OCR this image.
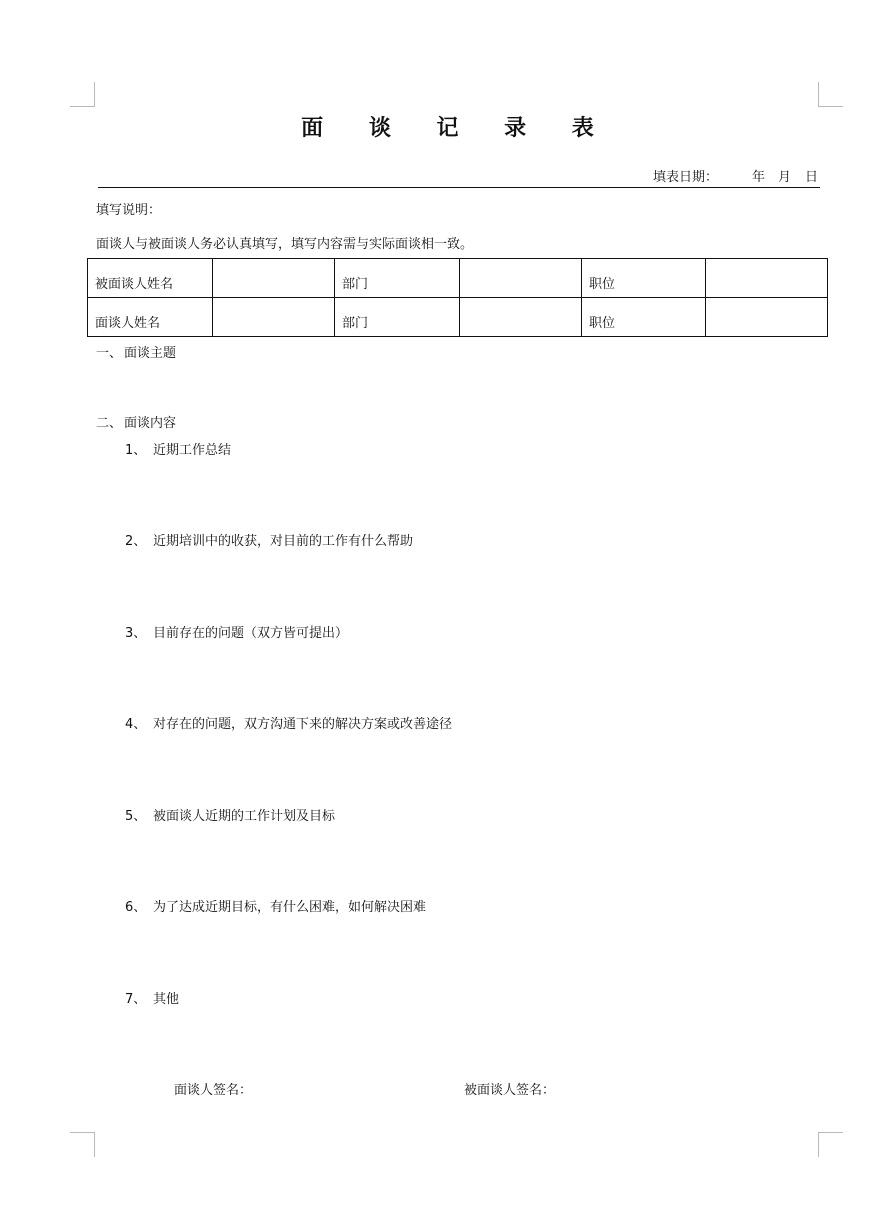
面 谈 记 录 表
填表日期：	年 月 日
填写说明：
面谈人与被面谈人务必认真填写，填写内容需与实际面谈相一致。
被面谈人姓名		部门		职位	
面谈人姓名		部门		职位	
一、 面谈主题
二、 面谈内容
1、 近期工作总结
2、 近期培训中的收获，对目前的工作有什么帮助
3、 目前存在的问题（双方皆可提出）
4、 对存在的问题，双方沟通下来的解决方案或改善途径
5、 被面谈人近期的工作计划及目标
6、 为了达成近期目标，有什么困难，如何解决困难
7、 其他
面谈人签名：	被面谈人签名：
